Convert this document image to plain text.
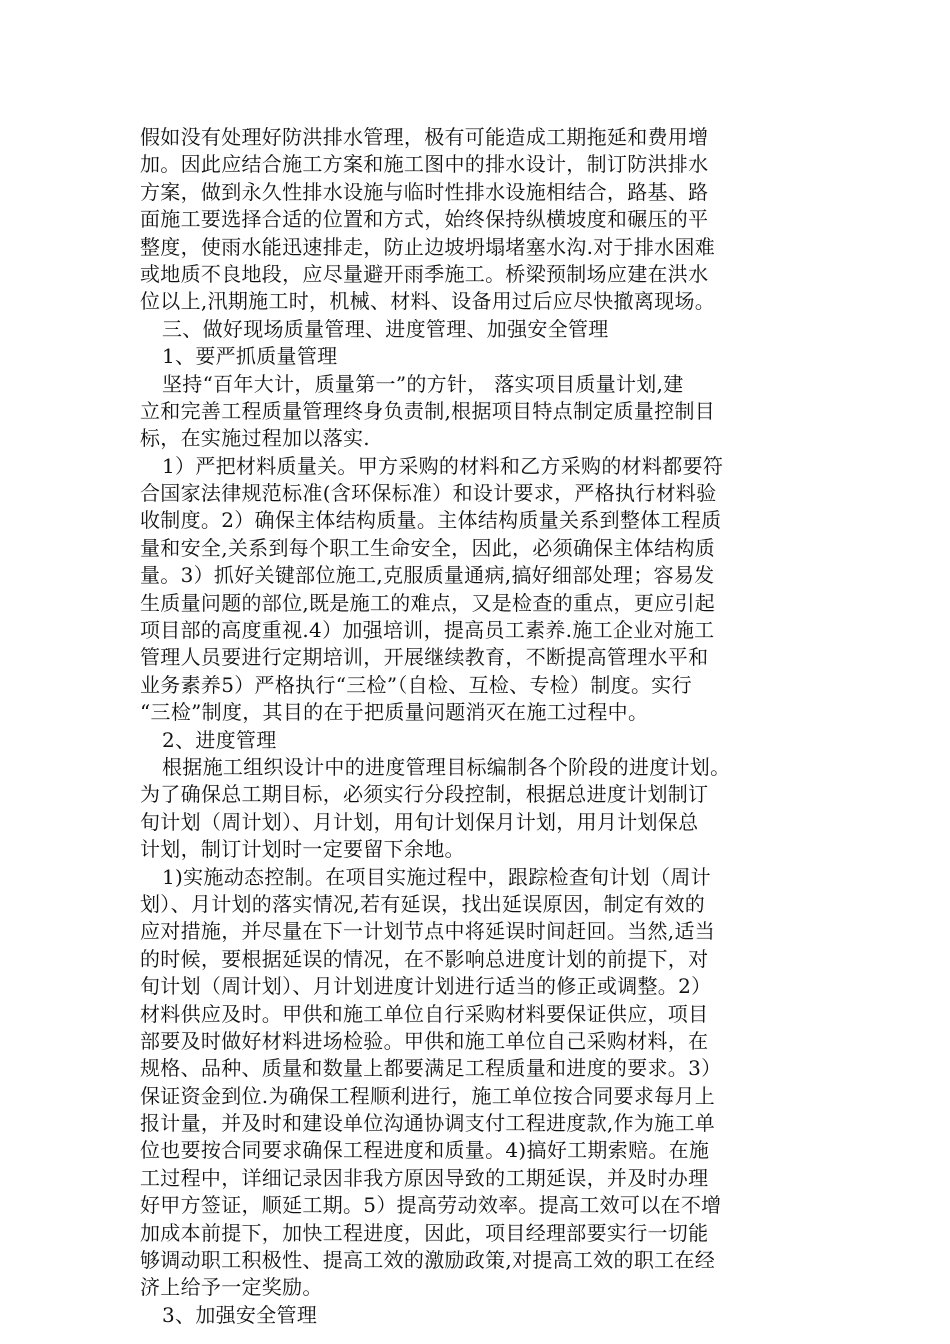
假如没有处理好防洪排水管理，极有可能造成工期拖延和费用增
加。因此应结合施工方案和施工图中的排水设计，制订防洪排水
方案，做到永久性排水设施与临时性排水设施相结合，路基、路
面施工要选择合适的位置和方式，始终保持纵横坡度和碾压的平
整度，使雨水能迅速排走，防止边坡坍塌堵塞水沟.对于排水困难
或地质不良地段，应尽量避开雨季施工。桥梁预制场应建在洪水
位以上,汛期施工时，机械、材料、设备用过后应尽快撤离现场。
三、做好现场质量管理、进度管理、加强安全管理
1、要严抓质量管理
坚持“百年大计，质量第一”的方针， 落实项目质量计划,建
立和完善工程质量管理终身负责制,根据项目特点制定质量控制目
标，在实施过程加以落实.
1）严把材料质量关。甲方采购的材料和乙方采购的材料都要符
合国家法律规范标准(含环保标准）和设计要求，严格执行材料验
收制度。2）确保主体结构质量。主体结构质量关系到整体工程质
量和安全,关系到每个职工生命安全，因此，必须确保主体结构质
量。3）抓好关键部位施工,克服质量通病,搞好细部处理；容易发
生质量问题的部位,既是施工的难点，又是检查的重点，更应引起
项目部的高度重视.4）加强培训，提高员工素养.施工企业对施工
管理人员要进行定期培训，开展继续教育，不断提高管理水平和
业务素养5）严格执行“三检”（自检、互检、专检）制度。实行
“三检”制度，其目的在于把质量问题消灭在施工过程中。
2、进度管理
根据施工组织设计中的进度管理目标编制各个阶段的进度计划。
为了确保总工期目标，必须实行分段控制，根据总进度计划制订
旬计划（周计划）、月计划，用旬计划保月计划，用月计划保总
计划，制订计划时一定要留下余地。
1)实施动态控制。在项目实施过程中，跟踪检查旬计划（周计
划）、月计划的落实情况,若有延误，找出延误原因，制定有效的
应对措施，并尽量在下一计划节点中将延误时间赶回。当然,适当
的时候，要根据延误的情况，在不影响总进度计划的前提下，对
旬计划（周计划）、月计划进度计划进行适当的修正或调整。2）
材料供应及时。甲供和施工单位自行采购材料要保证供应，项目
部要及时做好材料进场检验。甲供和施工单位自己采购材料，在
规格、品种、质量和数量上都要满足工程质量和进度的要求。3）
保证资金到位.为确保工程顺利进行，施工单位按合同要求每月上
报计量，并及时和建设单位沟通协调支付工程进度款,作为施工单
位也要按合同要求确保工程进度和质量。4)搞好工期索赔。在施
工过程中，详细记录因非我方原因导致的工期延误，并及时办理
好甲方签证，顺延工期。5）提高劳动效率。提高工效可以在不增
加成本前提下，加快工程进度，因此，项目经理部要实行一切能
够调动职工积极性、提高工效的激励政策,对提高工效的职工在经
济上给予一定奖励。
3、加强安全管理
